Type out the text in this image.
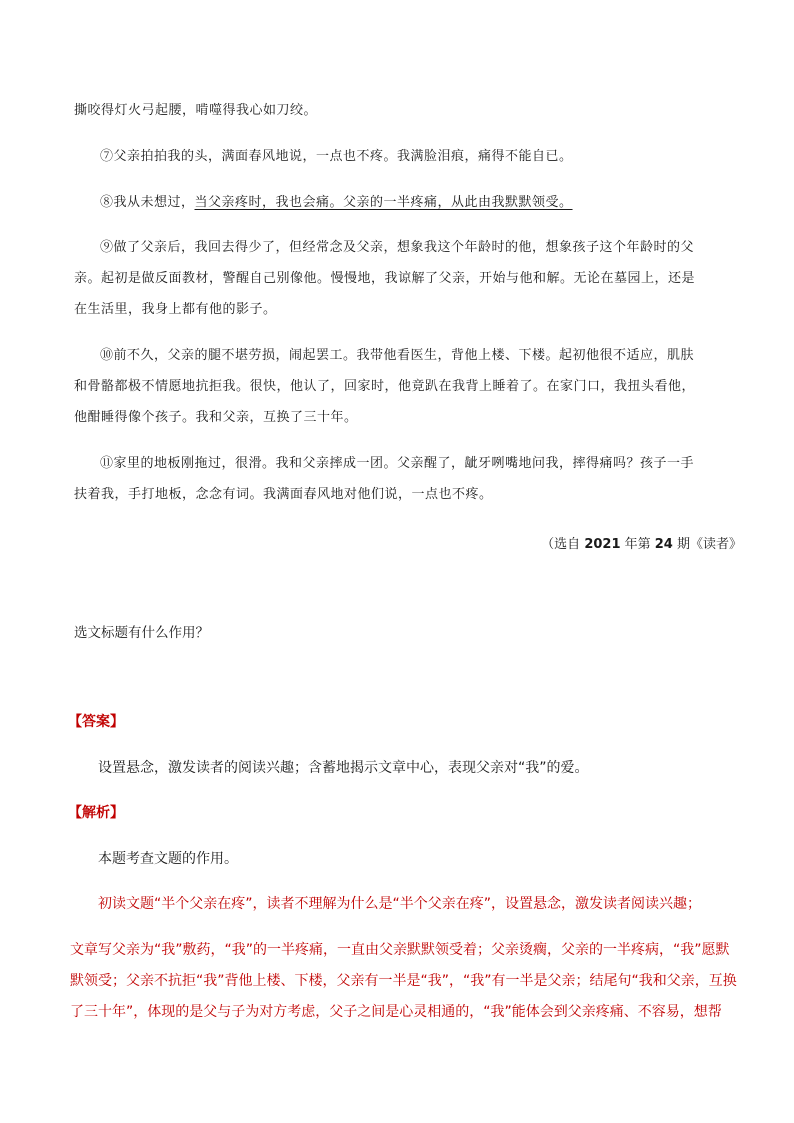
撕咬得灯火弓起腰，啃噬得我心如刀绞。
⑦父亲拍拍我的头，满面春风地说，一点也不疼。我满脸泪痕，痛得不能自已。
⑧我从未想过，当父亲疼时，我也会痛。父亲的一半疼痛，从此由我默默领受。
⑨做了父亲后，我回去得少了，但经常念及父亲，想象我这个年龄时的他，想象孩子这个年龄时的父
亲。起初是做反面教材，警醒自己别像他。慢慢地，我谅解了父亲，开始与他和解。无论在墓园上，还是
在生活里，我身上都有他的影子。
⑩前不久，父亲的腿不堪劳损，闹起罢工。我带他看医生，背他上楼、下楼。起初他很不适应，肌肤
和骨骼都极不情愿地抗拒我。很快，他认了，回家时，他竟趴在我背上睡着了。在家门口，我扭头看他，
他酣睡得像个孩子。我和父亲，互换了三十年。
⑪家里的地板刚拖过，很滑。我和父亲摔成一团。父亲醒了，龇牙咧嘴地问我，摔得痛吗？孩子一手
扶着我，手打地板，念念有词。我满面春风地对他们说，一点也不疼。
（选自 2021 年第 24 期《读者》
选文标题有什么作用？
【答案】
设置悬念，激发读者的阅读兴趣；含蓄地揭示文章中心，表现父亲对“我”的爱。
【解析】
本题考查文题的作用。
初读文题“半个父亲在疼”，读者不理解为什么是“半个父亲在疼”，设置悬念，激发读者阅读兴趣；
文章写父亲为“我”敷药，“我”的一半疼痛，一直由父亲默默领受着；父亲烫瘸，父亲的一半疼病，“我”愿默
默领受；父亲不抗拒“我”背他上楼、下楼，父亲有一半是“我”，“我”有一半是父亲；结尾句“我和父亲，互换
了三十年”，体现的是父与子为对方考虑，父子之间是心灵相通的，“我”能体会到父亲疼痛、不容易，想帮
